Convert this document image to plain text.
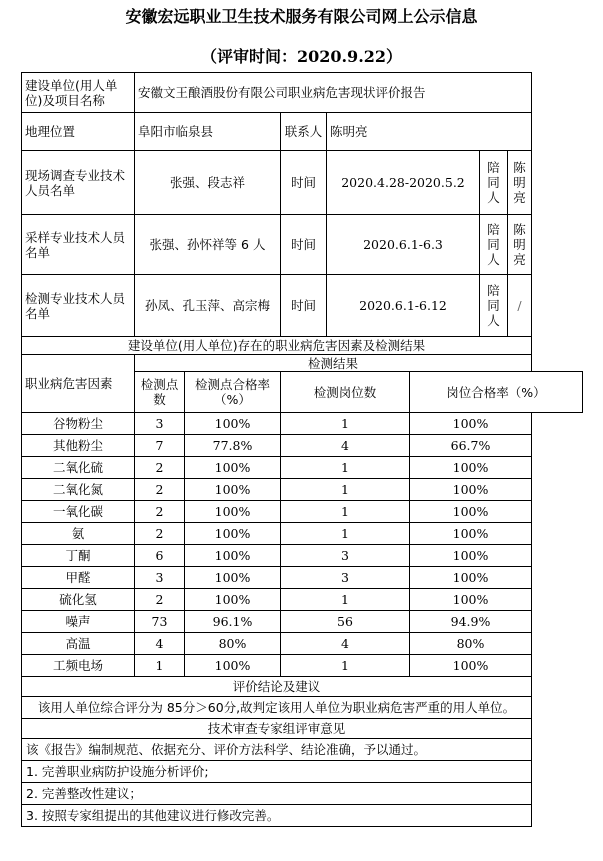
安徽宏远职业卫生技术服务有限公司网上公示信息
（评审时间：2020.9.22）
建设单位(用人单位)及项目名称	安徽文王酿酒股份有限公司职业病危害现状评价报告						
地理位置	阜阳市临泉县		联系人	陈明亮			
现场调查专业技术人员名单	张强、段志祥		时间	2020.4.28-2020.5.2		陪同人	陈明亮
采样专业技术人员名单	张强、孙怀祥等 6 人		时间	2020.6.1-6.3		陪同人	陈明亮
检测专业技术人员名单	孙凤、孔玉萍、高宗梅		时间	2020.6.1-6.12		陪同人	/
建设单位(用人单位)存在的职业病危害因素及检测结果							
职业病危害因素	检测结果						
	检测点数	检测点合格率（%）	检测岗位数		岗位合格率（%）		
谷物粉尘	3	100%	1		100%		
其他粉尘	7	77.8%	4		66.7%		
二氧化硫	2	100%	1		100%		
二氧化氮	2	100%	1		100%		
一氧化碳	2	100%	1		100%		
氨	2	100%	1		100%		
丁酮	6	100%	3		100%		
甲醛	3	100%	3		100%		
硫化氢	2	100%	1		100%		
噪声	73	96.1%	56		94.9%		
高温	4	80%	4		80%		
工频电场	1	100%	1		100%		
评价结论及建议							
该用人单位综合评分为 85分＞60分,故判定该用人单位为职业病危害严重的用人单位。							
技术审查专家组评审意见							
该《报告》编制规范、依据充分、评价方法科学、结论准确，予以通过。							
1. 完善职业病防护设施分析评价;							
2. 完善整改性建议；							
3. 按照专家组提出的其他建议进行修改完善。							
